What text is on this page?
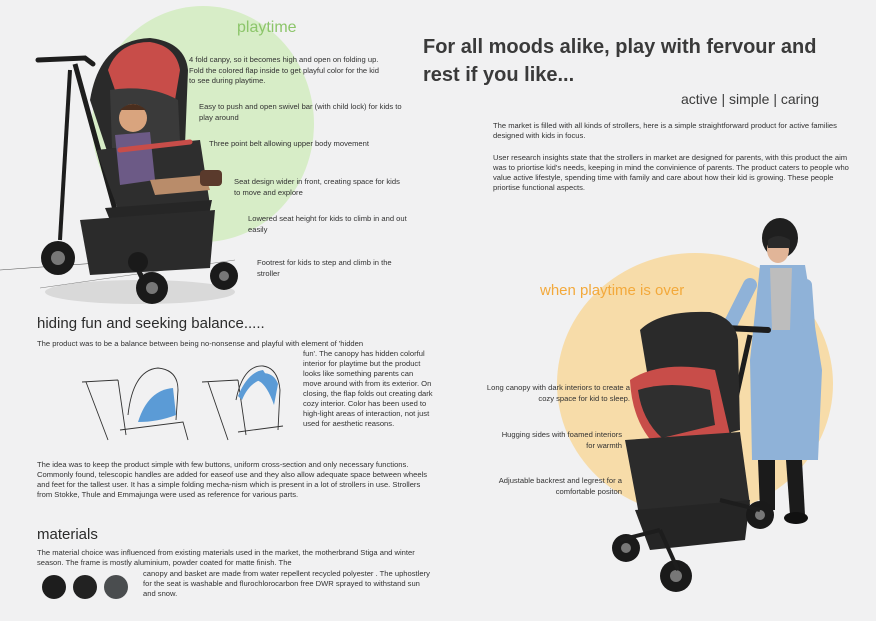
playtime
4 fold canpy, so it becomes high and open on folding up. Fold the colored flap inside to get playful color for the kid to see during playtime.
Easy to push and open swivel bar (with child lock) for kids to play around
Three point belt allowing upper body movement
Seat design wider in front, creating space for kids to move and explore
Lowered seat height for kids to climb in and out easily
Footrest for kids to step and climb in the stroller
hiding fun and seeking balance.....
The product was to be a balance between being no-nonsense and playful with element of 'hidden
fun'. The canopy has hidden colorful interior for playtime but the product looks like something parents can move around with from its exterior. On closing, the flap folds out creating dark cozy interior. Color has been used to high-light areas of interaction, not just used for aesthetic reasons.
The idea was to keep the product simple with few buttons, uniform cross-section and only necessary functions. Commonly found, telescopic handles are added for easeof use and they also allow adequate space between wheels and feet for the tallest user. It has a simple folding mecha-nism which is present in a lot of strollers in use. Strollers from Stokke, Thule and Emmajunga were used as reference for various parts.
materials
The material choice was influenced from existing materials used in the market, the motherbrand Stiga and winter season. The frame is mostly aluminium, powder coated for matte finish. The
canopy and basket are made from water repellent recycled polyester . The uphostlery for the seat is washable and flurochlorocarbon free DWR sprayed to withstand sun and snow.
For all moods alike, play with fervour and rest if you like...
active | simple | caring
The market is filled with all kinds of strollers, here is a simple straightforward product for active families designed with kids in focus.
User research insights state that the strollers in market are designed for parents, with this product the aim was to priortise kid's needs, keeping in mind the convinience of parents. The product caters to people who value active lifestyle, spending time with family and care about how their kid is growing. These people priortise functional aspects.
when playtime is over
Long canopy with dark interiors to create a cozy space for kid to sleep.
Hugging sides with foamed interiors for warmth
Adjustable backrest and legrest for a comfortable positon
